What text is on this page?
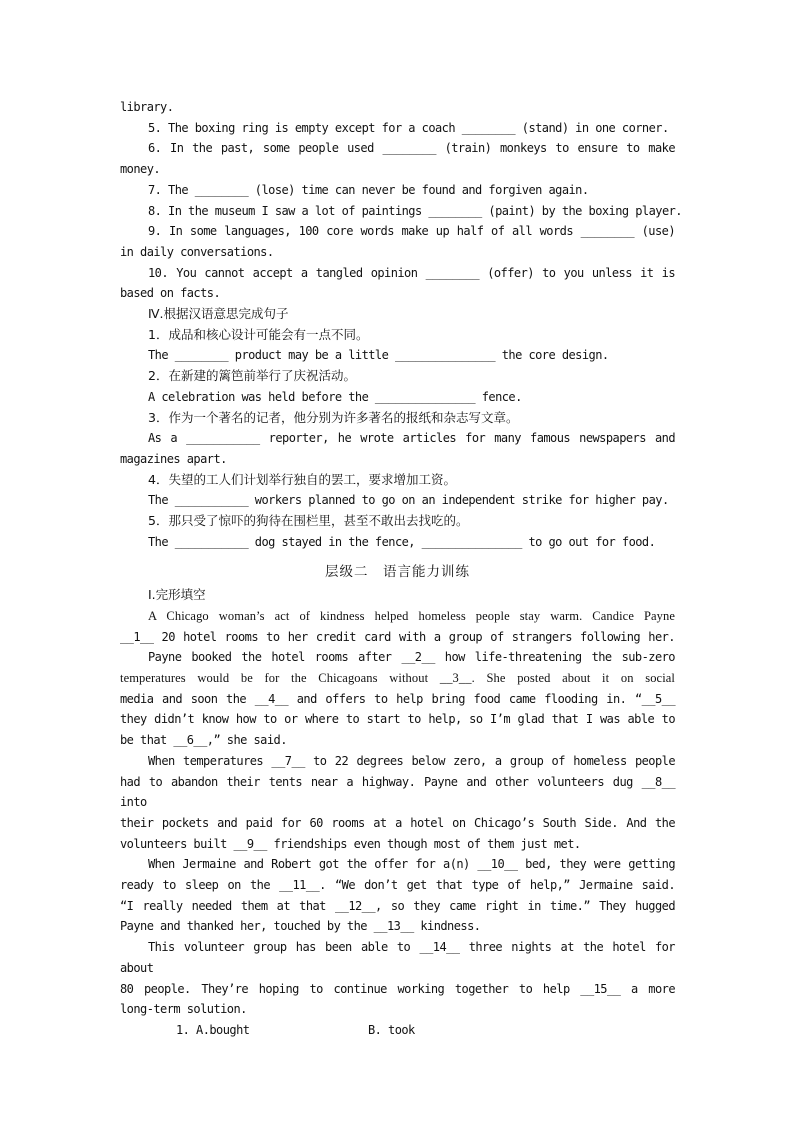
library.
5. The boxing ring is empty except for a coach ________ (stand) in one corner.
6. In the past, some people used ________ (train) monkeys to ensure to make
money.
7. The ________ (lose) time can never be found and forgiven again.
8. In the museum I saw a lot of paintings ________ (paint) by the boxing player.
9. In some languages, 100 core words make up half of all words ________ (use)
in daily conversations.
10. You cannot accept a tangled opinion ________ (offer) to you unless it is
based on facts.
Ⅳ.根据汉语意思完成句子
1．成品和核心设计可能会有一点不同。
The ________ product may be a little _______________ the core design.
2．在新建的篱笆前举行了庆祝活动。
A celebration was held before the _______________ fence.
3．作为一个著名的记者，他分别为许多著名的报纸和杂志写文章。
As a ___________ reporter, he wrote articles for many famous newspapers and
magazines apart.
4．失望的工人们计划举行独自的罢工，要求增加工资。
The ___________ workers planned to go on an independent strike for higher pay.
5．那只受了惊吓的狗待在围栏里，甚至不敢出去找吃的。
The ___________ dog stayed in the fence, _______________ to go out for food.
层级二　语言能力训练
Ⅰ.完形填空
A Chicago woman’s act of kindness helped homeless people stay warm. Candice Payne
__1__ 20 hotel rooms to her credit card with a group of strangers following her.
Payne booked the hotel rooms after __2__ how life-threatening the sub-zero
temperatures would be for the Chicagoans without __3__. She posted about it on social
media and soon the __4__ and offers to help bring food came flooding in. “__5__
they didn’t know how to or where to start to help, so I’m glad that I was able to
be that __6__,” she said.
When temperatures __7__ to 22 degrees below zero, a group of homeless people
had to abandon their tents near a highway. Payne and other volunteers dug __8__ into
their pockets and paid for 60 rooms at a hotel on Chicago’s South Side. And the
volunteers built __9__ friendships even though most of them just met.
When Jermaine and Robert got the offer for a(n) __10__ bed, they were getting
ready to sleep on the __11__. “We don’t get that type of help,” Jermaine said.
“I really needed them at that __12__, so they came right in time.” They hugged
Payne and thanked her, touched by the __13__ kindness.
This volunteer group has been able to __14__ three nights at the hotel for about
80 people. They’re hoping to continue working together to help __15__ a more
long-term solution.
1. A.bought	B. took
